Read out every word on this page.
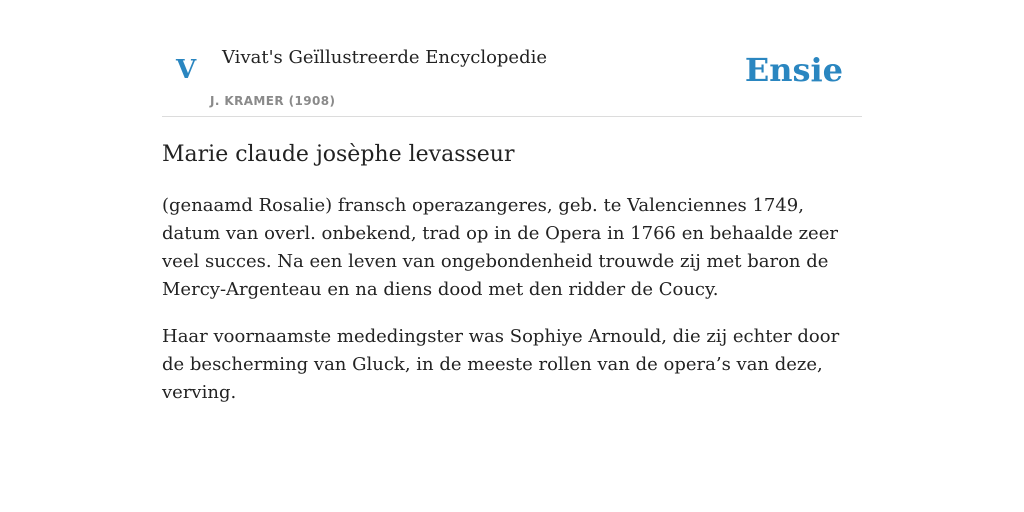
V Vivat's Geïllustreerde Encyclopedie
J. KRAMER (1908)
Ensie
Marie claude josèphe levasseur

(genaamd Rosalie) fransch operazangeres, geb. te Valenciennes 1749, datum van overl. onbekend, trad op in de Opera in 1766 en behaalde zeer veel succes. Na een leven van ongebondenheid trouwde zij met baron de Mercy-Argenteau en na diens dood met den ridder de Coucy.

Haar voornaamste mededingster was Sophiye Arnould, die zij echter door de bescherming van Gluck, in de meeste rollen van de opera’s van deze, verving.
